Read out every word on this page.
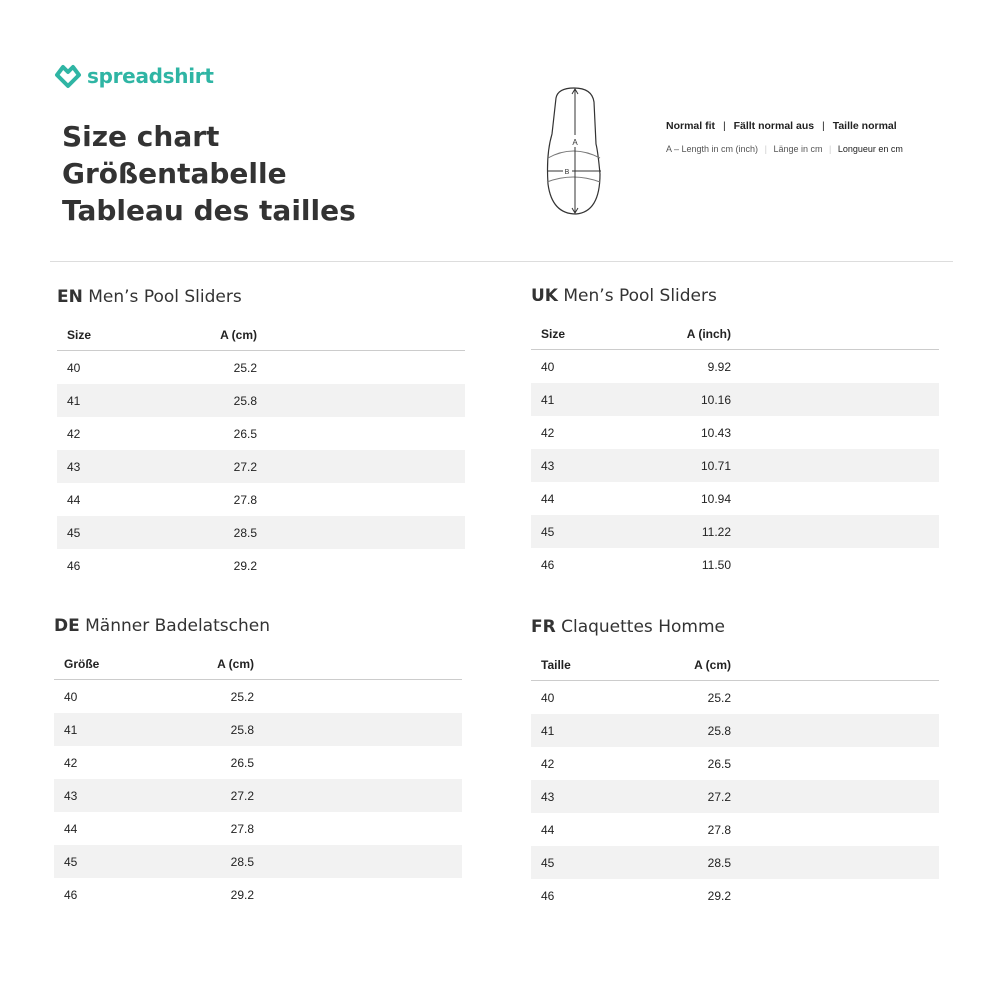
spreadshirt
Size chart
Größentabelle
Tableau des tailles
A
B
Normal fit | Fällt normal aus | Taille normal
A – Length in cm (inch) | Länge in cm | Longueur en cm
EN Men’s Pool Sliders
Size	A (cm)
40	25.2
41	25.8
42	26.5
43	27.2
44	27.8
45	28.5
46	29.2
UK Men’s Pool Sliders
Size	A (inch)
40	9.92
41	10.16
42	10.43
43	10.71
44	10.94
45	11.22
46	11.50
DE Männer Badelatschen
Größe	A (cm)
40	25.2
41	25.8
42	26.5
43	27.2
44	27.8
45	28.5
46	29.2
FR Claquettes Homme
Taille	A (cm)
40	25.2
41	25.8
42	26.5
43	27.2
44	27.8
45	28.5
46	29.2
